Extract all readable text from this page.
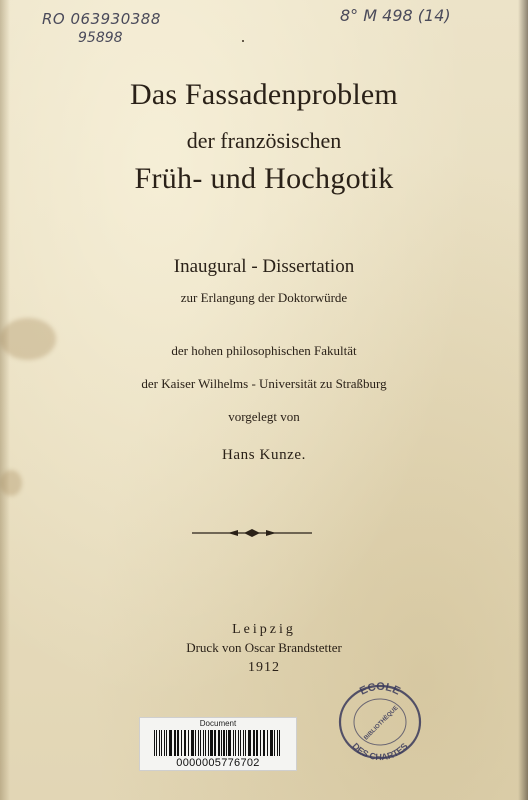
RO 063930388
95898
8° M 498 (14)
Das Fassadenproblem
der französischen
Früh- und Hochgotik
Inaugural - Dissertation
zur Erlangung der Doktorwürde
der hohen philosophischen Fakultät
der Kaiser Wilhelms - Universität zu Straßburg
vorgelegt von
Hans Kunze.
Leipzig
Druck von Oscar Brandstetter
1912
Document
0000005776702
ECOLE
BIBLIOTHÈQUE
DES CHARTES
